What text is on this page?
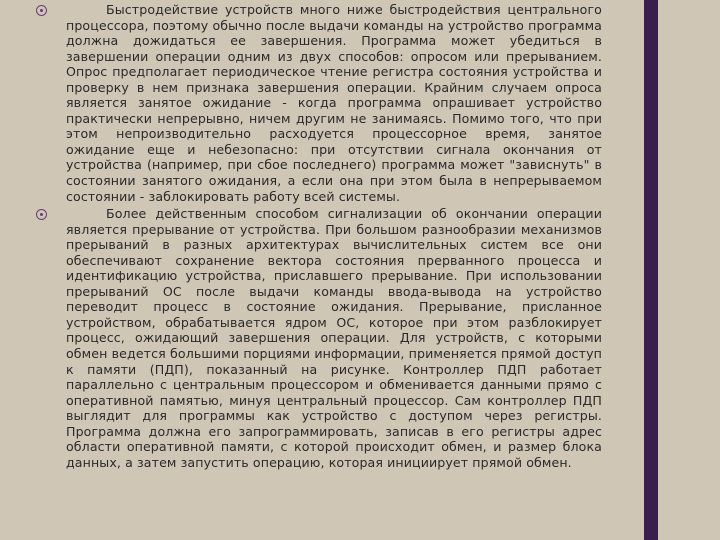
Быстродействие устройств много ниже быстродействия центрального процессора, поэтому обычно после выдачи команды на устройство программа должна дожидаться ее завершения. Программа может убедиться в завершении операции одним из двух способов: опросом или прерыванием. Опрос предполагает периодическое чтение регистра состояния устройства и проверку в нем признака завершения операции. Крайним случаем опроса является занятое ожидание - когда программа опрашивает устройство практически непрерывно, ничем другим не занимаясь. Помимо того, что при этом непроизводительно расходуется процессорное время, занятое ожидание еще и небезопасно: при отсутствии сигнала окончания от устройства (например, при сбое последнего) программа может "зависнуть" в состоянии занятого ожидания, а если она при этом была в непрерываемом состоянии - заблокировать работу всей системы.

Более действенным способом сигнализации об окончании операции является прерывание от устройства. При большом разнообразии механизмов прерываний в разных архитектурах вычислительных систем все они обеспечивают сохранение вектора состояния прерванного процесса и идентификацию устройства, приславшего прерывание. При использовании прерываний ОС после выдачи команды ввода-вывода на устройство переводит процесс в состояние ожидания. Прерывание, присланное устройством, обрабатывается ядром ОС, которое при этом разблокирует процесс, ожидающий завершения операции. Для устройств, с которыми обмен ведется большими порциями информации, применяется прямой доступ к памяти (ПДП), показанный на рисунке. Контроллер ПДП работает параллельно с центральным процессором и обменивается данными прямо с оперативной памятью, минуя центральный процессор. Сам контроллер ПДП выглядит для программы как устройство с доступом через регистры. Программа должна его запрограммировать, записав в его регистры адрес области оперативной памяти, с которой происходит обмен, и размер блока данных, а затем запустить операцию, которая инициирует прямой обмен.
